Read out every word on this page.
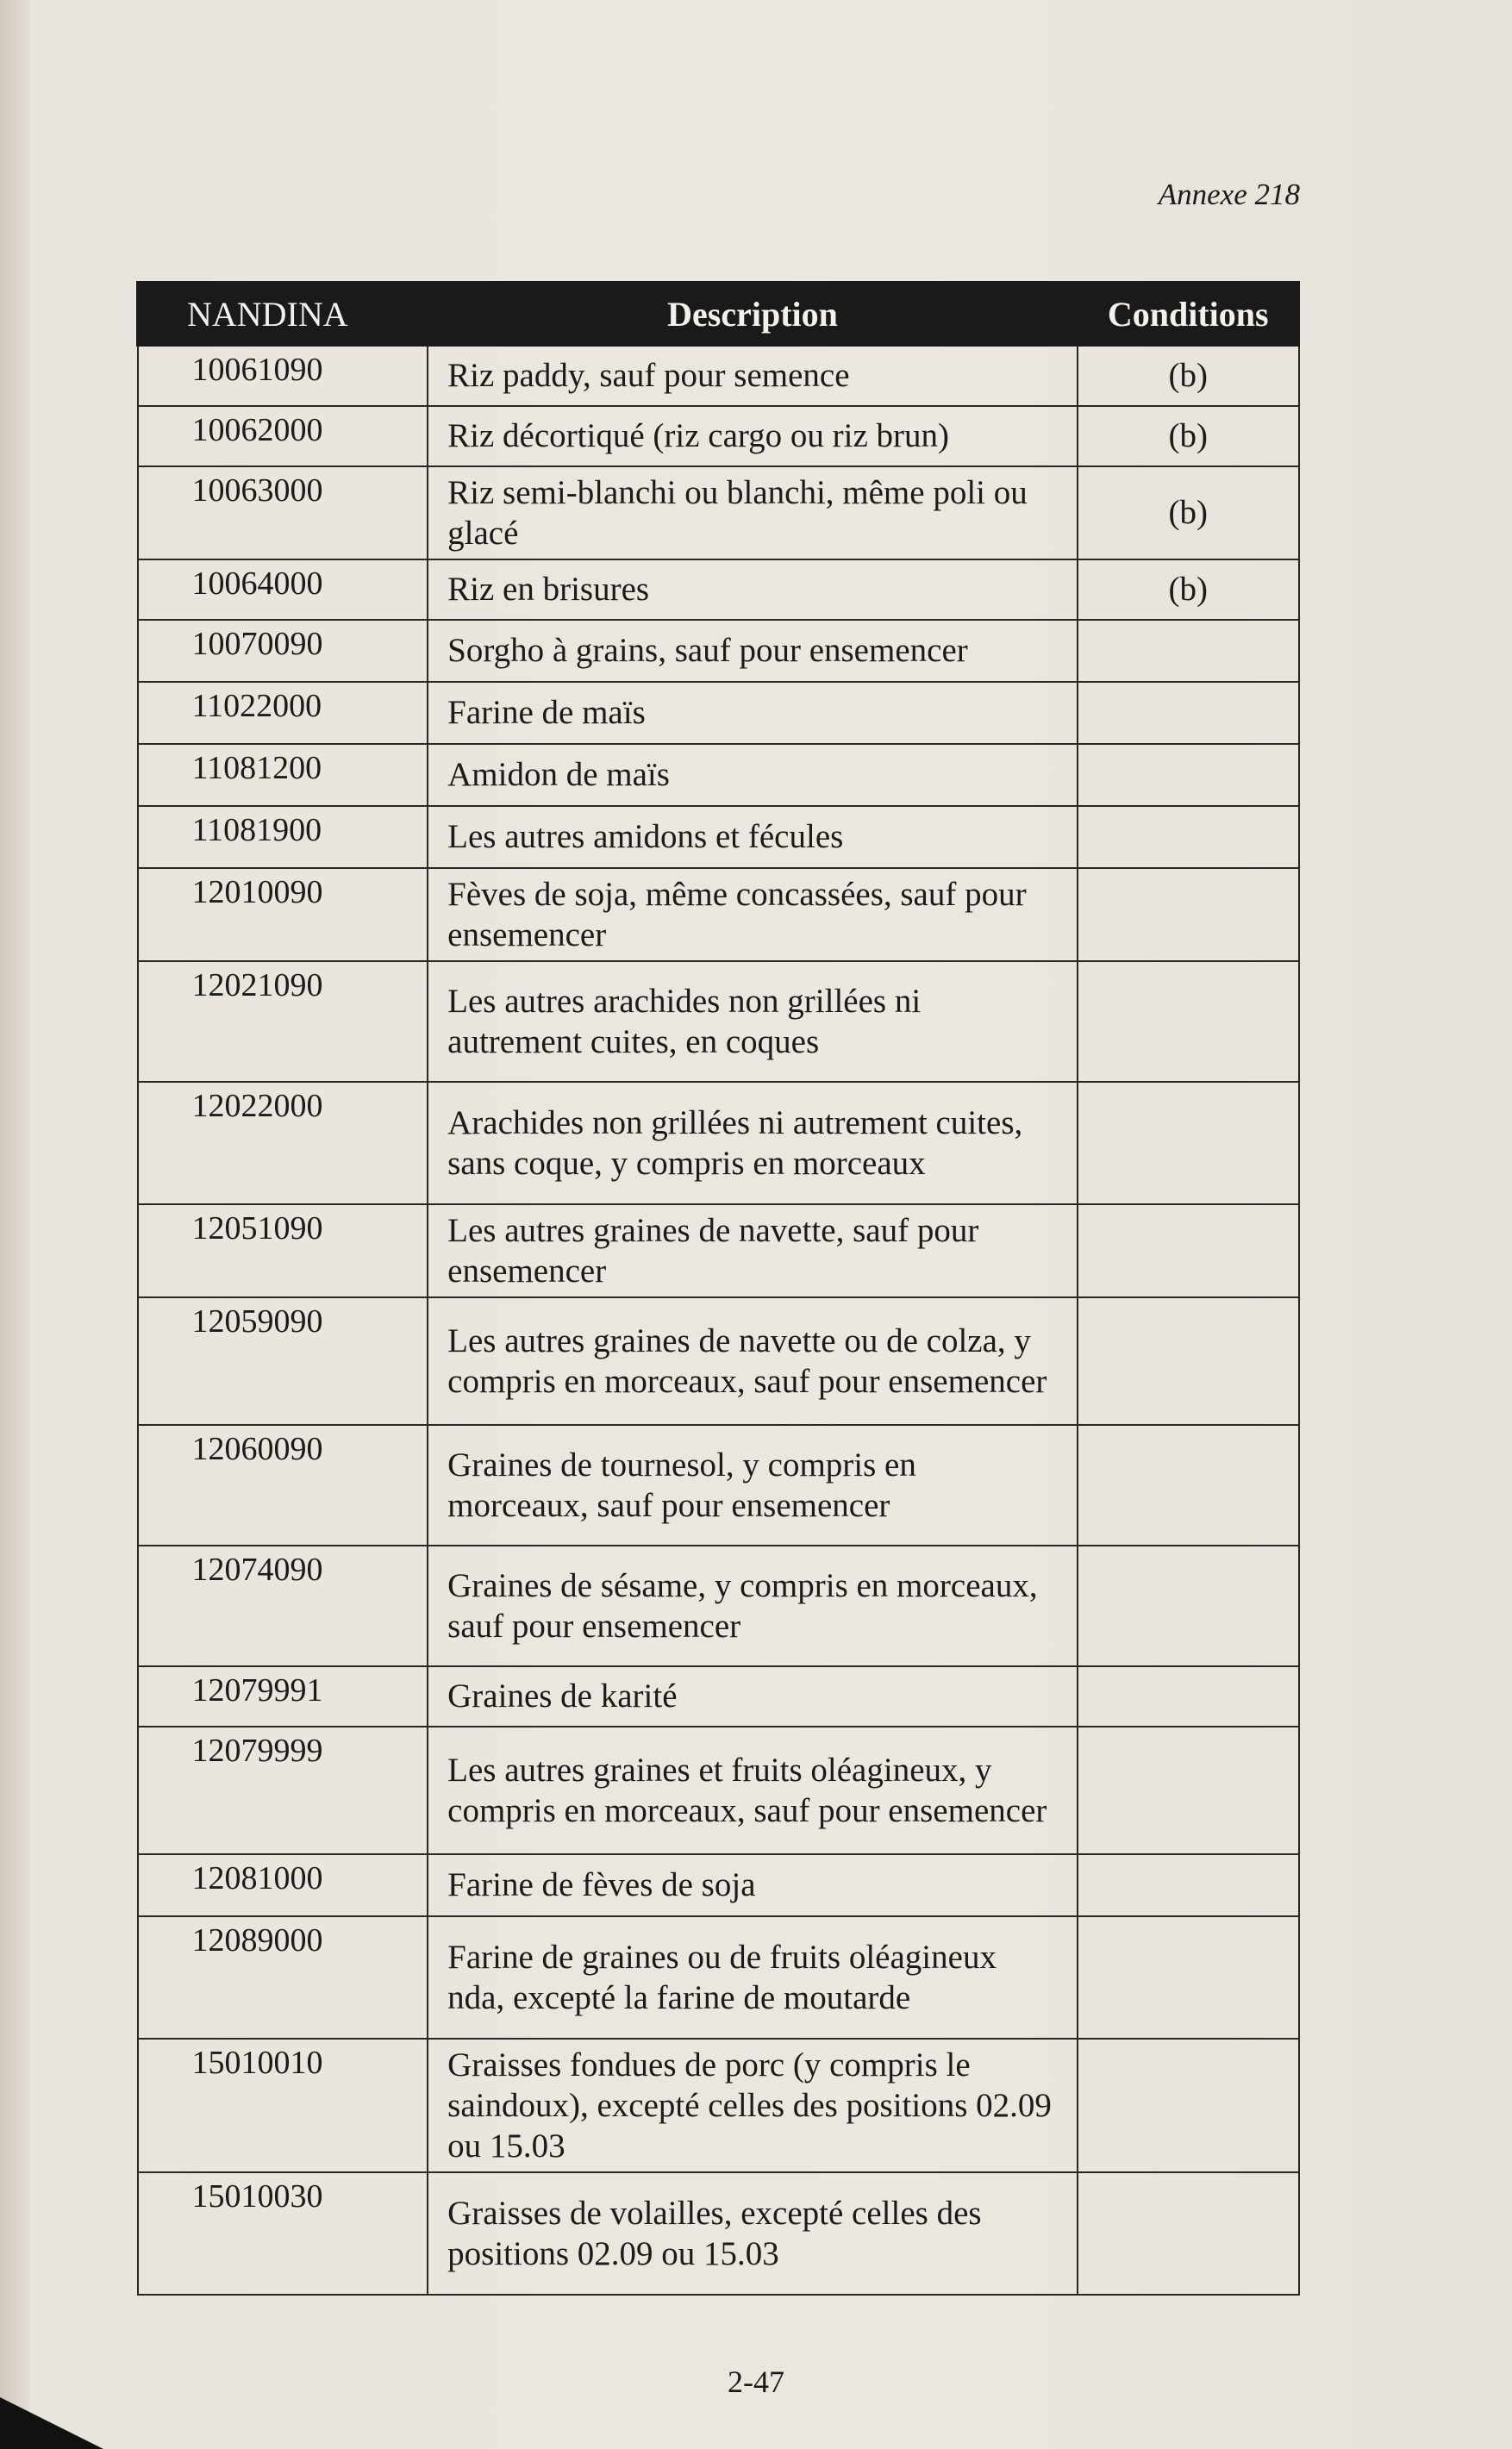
Annexe 218
NANDINA	Description	Conditions
10061090	Riz paddy, sauf pour semence	(b)
10062000	Riz décortiqué (riz cargo ou riz brun)	(b)
10063000	Riz semi-blanchi ou blanchi, même poli ou glacé	(b)
10064000	Riz en brisures	(b)
10070090	Sorgho à grains, sauf pour ensemencer	
11022000	Farine de maïs	
11081200	Amidon de maïs	
11081900	Les autres amidons et fécules	
12010090	Fèves de soja, même concassées, sauf pour ensemencer	
12021090	Les autres arachides non grillées ni autrement cuites, en coques	
12022000	Arachides non grillées ni autrement cuites, sans coque, y compris en morceaux	
12051090	Les autres graines de navette, sauf pour ensemencer	
12059090	Les autres graines de navette ou de colza, y compris en morceaux, sauf pour ensemencer	
12060090	Graines de tournesol, y compris en morceaux, sauf pour ensemencer	
12074090	Graines de sésame, y compris en morceaux, sauf pour ensemencer	
12079991	Graines de karité	
12079999	Les autres graines et fruits oléagineux, y compris en morceaux, sauf pour ensemencer	
12081000	Farine de fèves de soja	
12089000	Farine de graines ou de fruits oléagineux nda, excepté la farine de moutarde	
15010010	Graisses fondues de porc (y compris le saindoux), excepté celles des positions 02.09 ou 15.03	
15010030	Graisses de volailles, excepté celles des positions 02.09 ou 15.03	
2-47
